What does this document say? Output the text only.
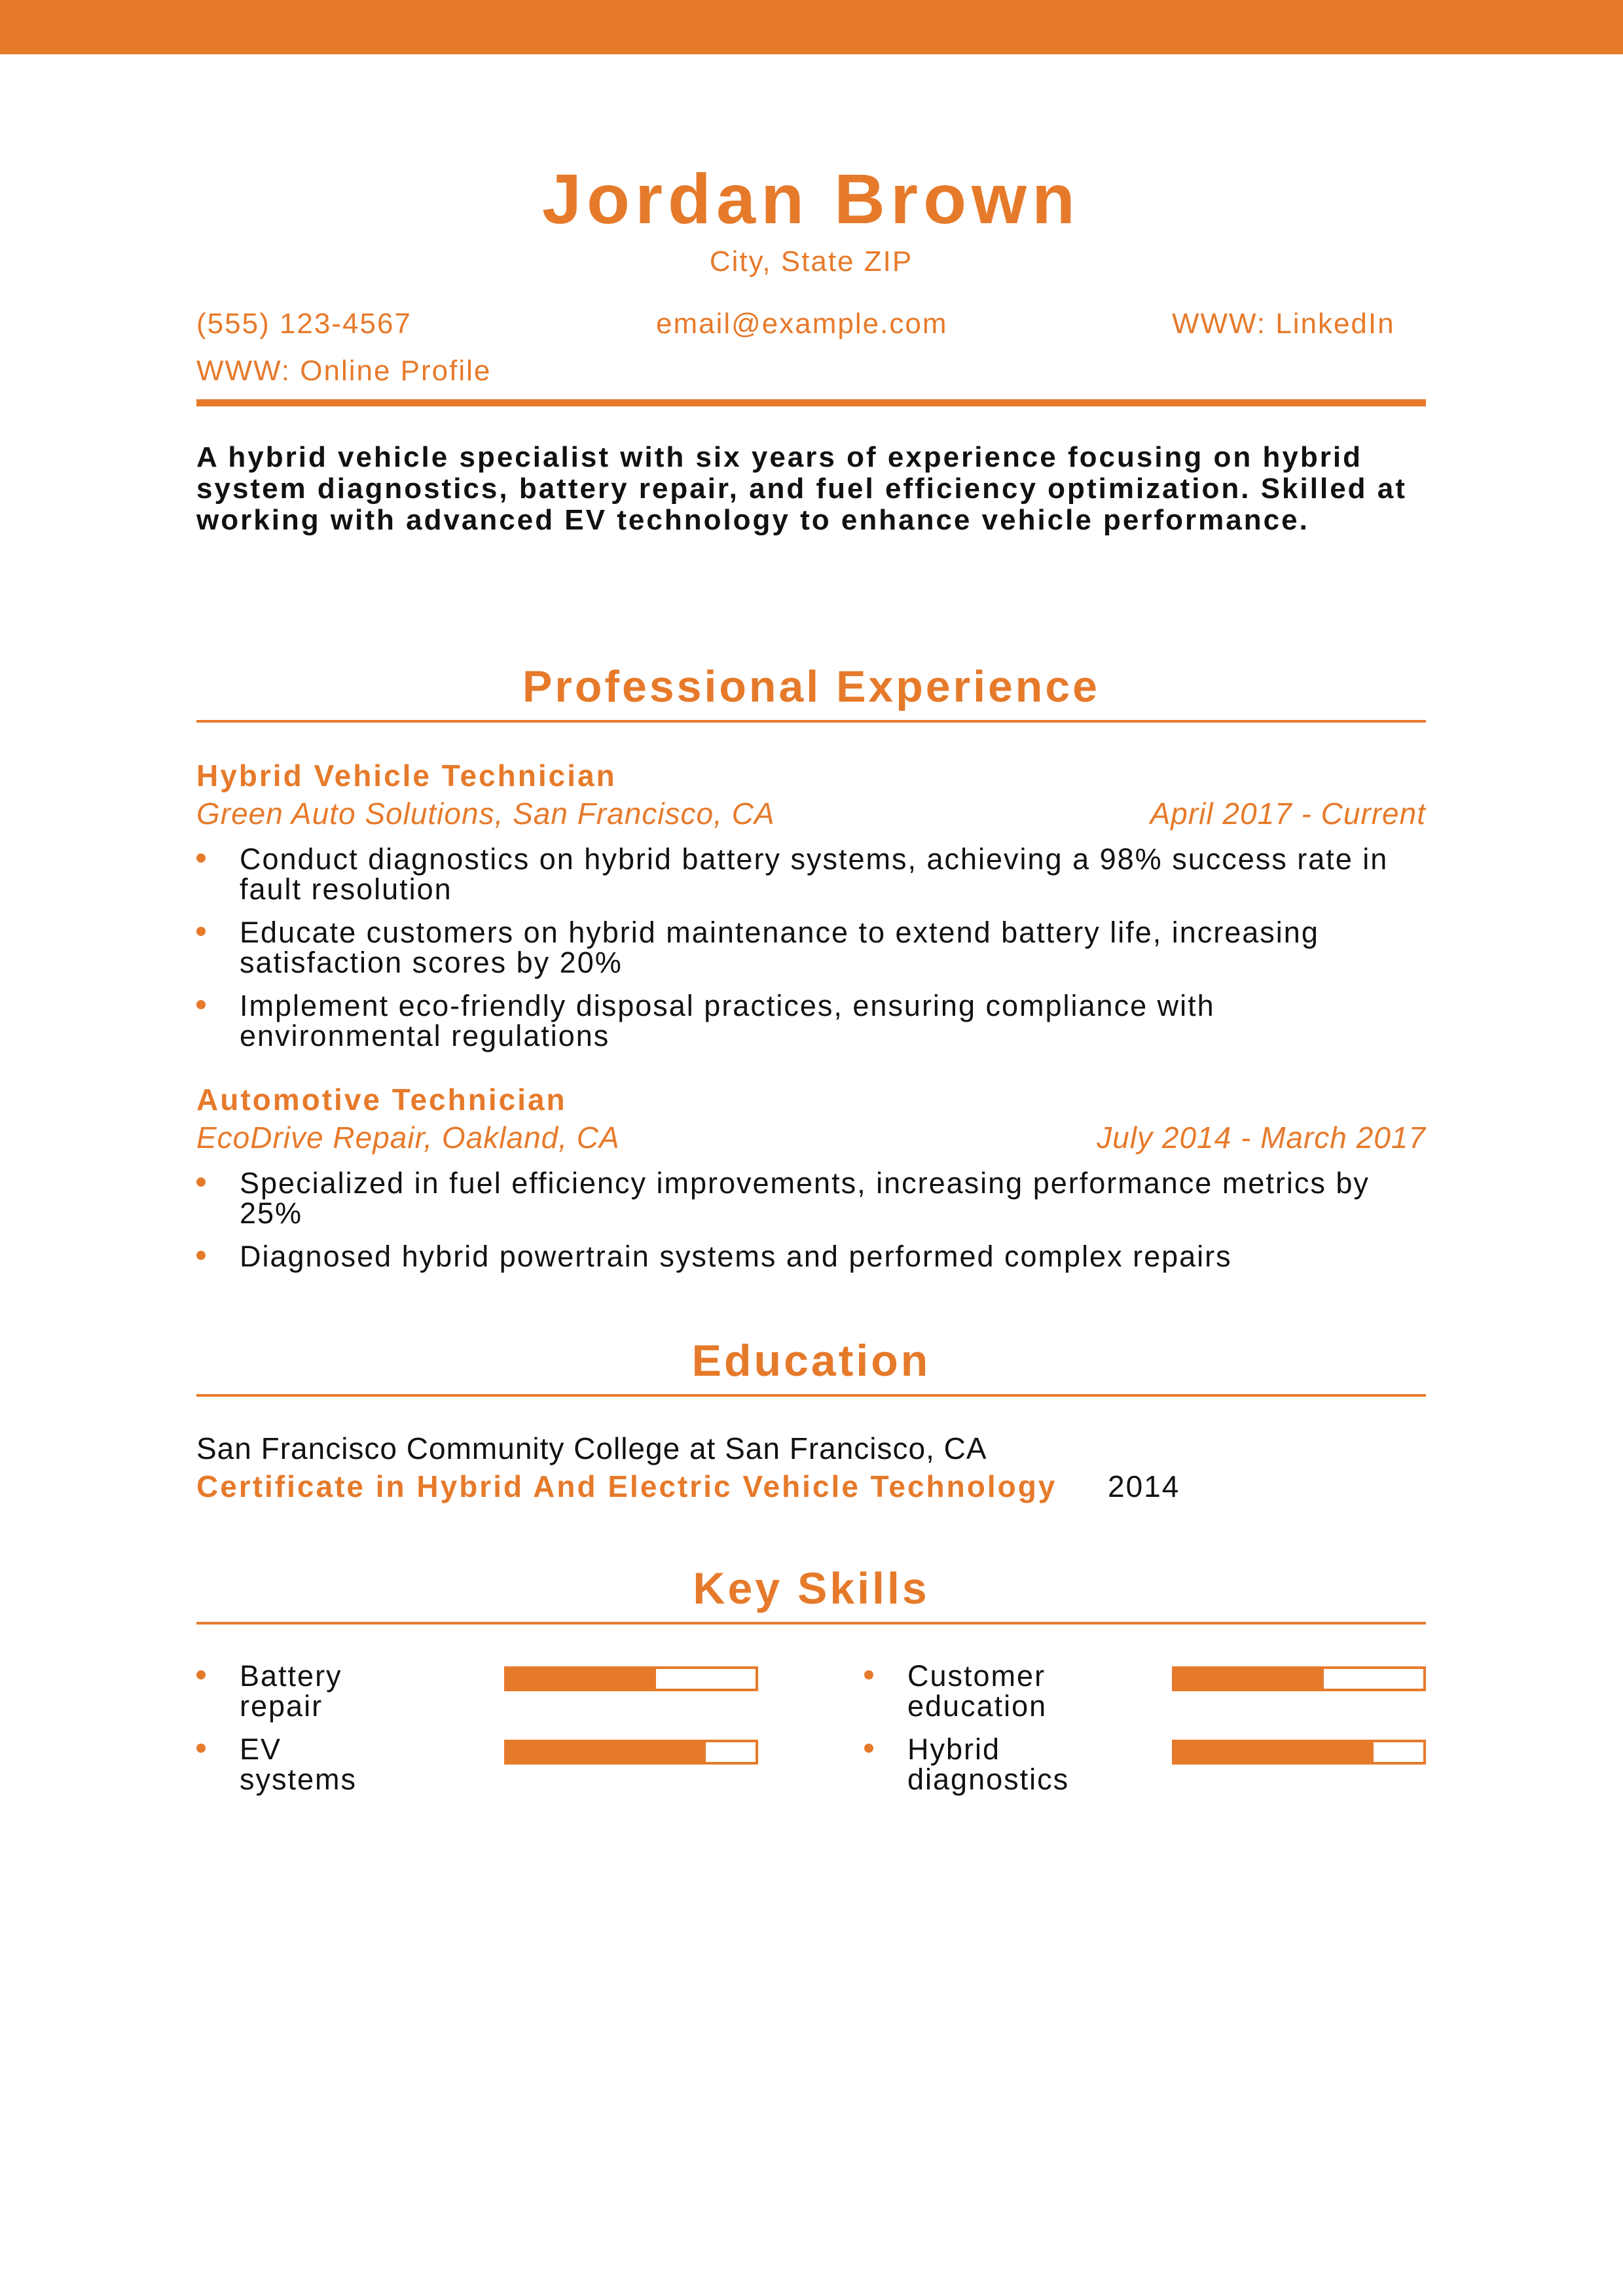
Jordan Brown
City, State ZIP
(555) 123-4567	email@example.com	WWW: LinkedIn
WWW: Online Profile
A hybrid vehicle specialist with six years of experience focusing on hybrid system diagnostics, battery repair, and fuel efficiency optimization. Skilled at working with advanced EV technology to enhance vehicle performance.
Professional Experience
Hybrid Vehicle Technician
Green Auto Solutions, San Francisco, CA	April 2017 - Current
Conduct diagnostics on hybrid battery systems, achieving a 98% success rate in fault resolution
Educate customers on hybrid maintenance to extend battery life, increasing satisfaction scores by 20%
Implement eco-friendly disposal practices, ensuring compliance with environmental regulations
Automotive Technician
EcoDrive Repair, Oakland, CA	July 2014 - March 2017
Specialized in fuel efficiency improvements, increasing performance metrics by 25%
Diagnosed hybrid powertrain systems and performed complex repairs
Education
San Francisco Community College at San Francisco, CA
Certificate in Hybrid And Electric Vehicle Technology 2014
Key Skills
Battery repair
Customer education
EV systems
Hybrid diagnostics
